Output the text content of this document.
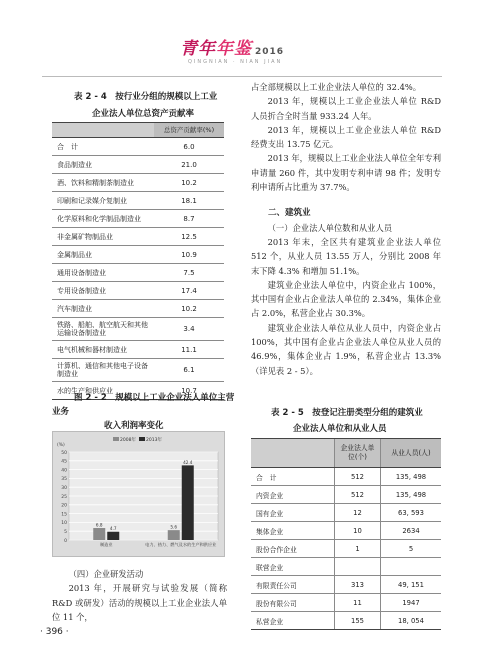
青年年鉴 2016
QINGNIAN · NIAN JIAN
表 2 - 4　按行业分组的规模以上工业
企业法人单位总资产贡献率
	总资产贡献率(%)
合　计	6.0
食品制造业	21.0
酒、饮料和精制茶制造业	10.2
印刷和记录媒介复制业	18.1
化学原料和化学制品制造业	8.7
非金属矿物制品业	12.5
金属制品业	10.9
通用设备制造业	7.5
专用设备制造业	17.4
汽车制造业	10.2
铁路、船舶、航空航天和其他运输设备制造业	3.4
电气机械和器材制造业	11.1
计算机、通信和其他电子设备制造业	6.1
水的生产和供应业	10.7
图 2 - 2　规模以上工业企业法人单位主营
业务
收入利润率变化
0
5
10
15
20
25
30
35
40
45
50
(%)
2008年 2013年
6.8
4.7
制造业
5.6
42.4
电力、热力、燃气及水的生产和供应业
（四）企业研发活动

2013 年，开展研究与试验发展（简称 R&D 或研发）活动的规模以上工业企业法人单位 11 个，

· 396 ·
占全部规模以上工业企业法人单位的 32.4%。

2013 年，规模以上工业企业法人单位 R&D 人员折合全时当量 933.24 人年。

2013 年，规模以上工业企业法人单位 R&D 经费支出 13.75 亿元。

2013 年，规模以上工业企业法人单位全年专利申请量 260 件，其中发明专利申请 98 件；发明专利申请所占比重为 37.7%。

二、建筑业

（一）企业法人单位数和从业人员

2013 年末，全区共有建筑业企业法人单位 512 个，从业人员 13.55 万人，分别比 2008 年末下降 4.3% 和增加 51.1%。

建筑业企业法人单位中，内资企业占 100%，其中国有企业占企业法人单位的 2.34%，集体企业占 2.0%，私营企业占 30.3%。

建筑业企业法人单位从业人员中，内资企业占 100%，其中国有企业占企业法人单位从业人员的 46.9%，集体企业占 1.9%，私营企业占 13.3%（详见表 2 - 5）。

表 2 - 5　按登记注册类型分组的建筑业
企业法人单位和从业人员
	企业法人单位(个)	从业人员(人)
合　计	512	135, 498
内资企业	512	135, 498
国有企业	12	63, 593
集体企业	10	2634
股份合作企业	1	5
联营企业		
有限责任公司	313	49, 151
股份有限公司	11	1947
私营企业	155	18, 054
